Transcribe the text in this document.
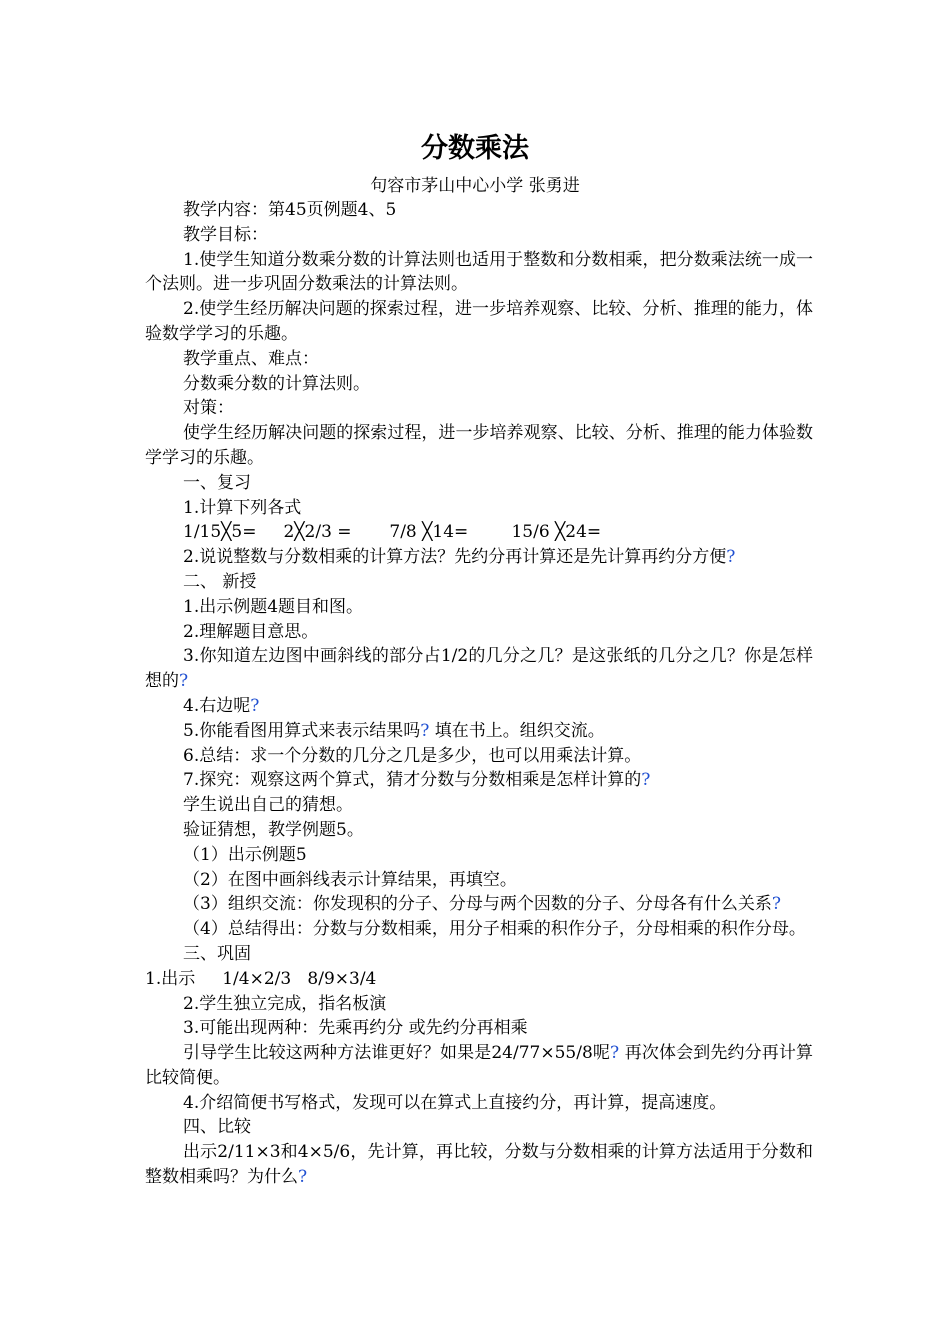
分数乘法
句容市茅山中心小学 张勇进

教学内容：第45页例题4、5

教学目标：

1.使学生知道分数乘分数的计算法则也适用于整数和分数相乘，把分数乘法统一成一个法则。进一步巩固分数乘法的计算法则。

2.使学生经历解决问题的探索过程，进一步培养观察、比较、分析、推理的能力，体验数学学习的乐趣。

教学重点、难点：

分数乘分数的计算法则。

对策：

使学生经历解决问题的探索过程，进一步培养观察、比较、分析、推理的能力体验数学学习的乐趣。

一、复习

1.计算下列各式

1/15╳5=     2╳2/3 =       7/8 ╳14=        15/6 ╳24=

2.说说整数与分数相乘的计算方法？先约分再计算还是先计算再约分方便?

二、 新授

1.出示例题4题目和图。

2.理解题目意思。

3.你知道左边图中画斜线的部分占1/2的几分之几？是这张纸的几分之几？你是怎样想的?

4.右边呢?

5.你能看图用算式来表示结果吗? 填在书上。组织交流。

6.总结：求一个分数的几分之几是多少，也可以用乘法计算。

7.探究：观察这两个算式，猜才分数与分数相乘是怎样计算的?

学生说出自己的猜想。

验证猜想，教学例题5。

（1）出示例题5

（2）在图中画斜线表示计算结果，再填空。

（3）组织交流：你发现积的分子、分母与两个因数的分子、分母各有什么关系?

（4）总结得出：分数与分数相乘，用分子相乘的积作分子，分母相乘的积作分母。

三、巩固

1.出示     1/4×2/3   8/9×3/4

2.学生独立完成，指名板演

3.可能出现两种：先乘再约分 或先约分再相乘

引导学生比较这两种方法谁更好？如果是24/77×55/8呢? 再次体会到先约分再计算比较简便。

4.介绍简便书写格式，发现可以在算式上直接约分，再计算，提高速度。

四、比较

出示2/11×3和4×5/6，先计算，再比较，分数与分数相乘的计算方法适用于分数和整数相乘吗？为什么?
